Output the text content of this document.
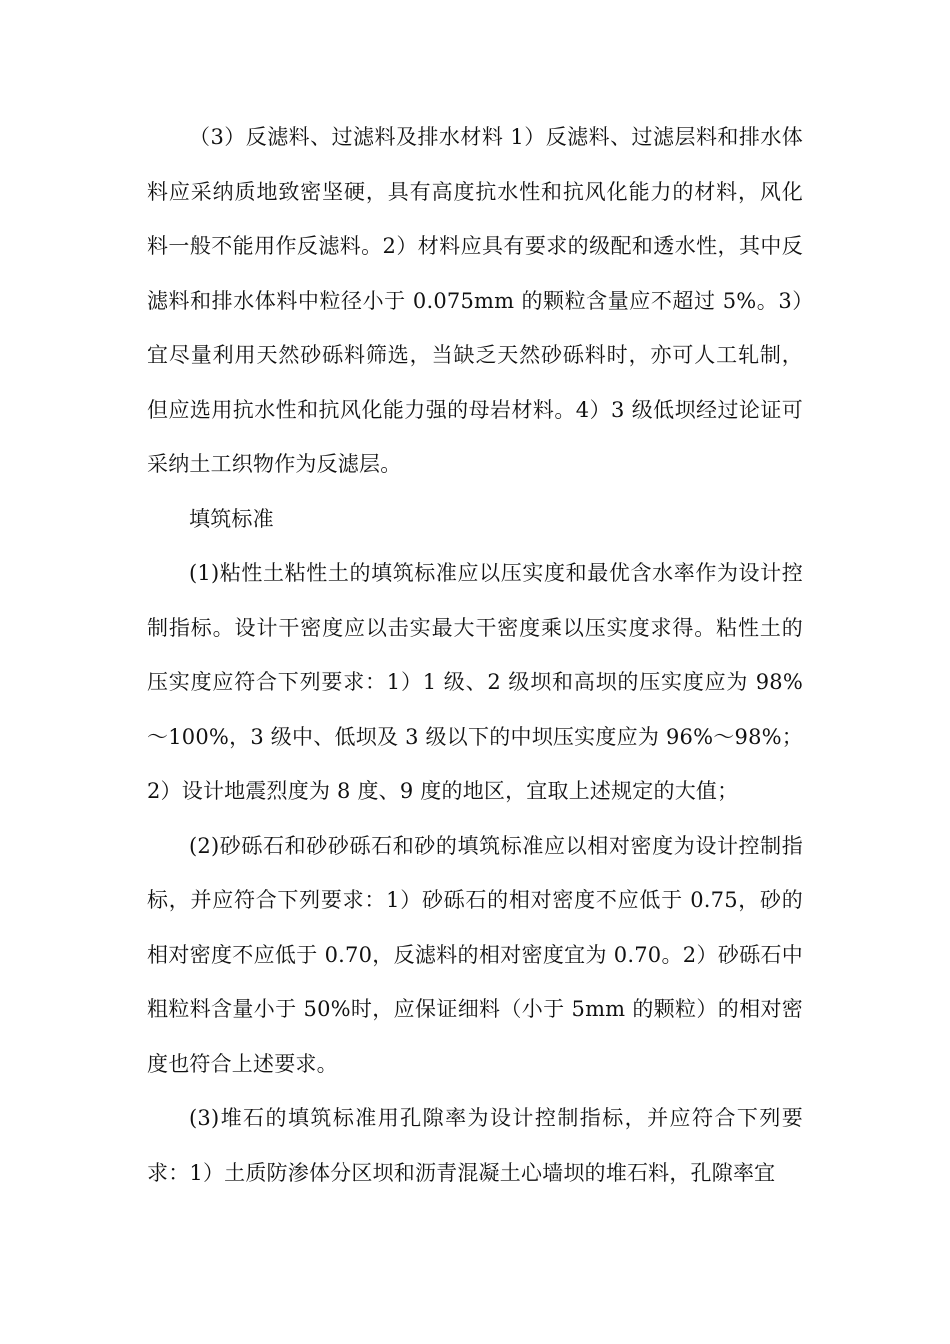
（3）反滤料、过滤料及排水材料 1）反滤料、过滤层料和排水体料应采纳质地致密坚硬，具有高度抗水性和抗风化能力的材料，风化料一般不能用作反滤料。2）材料应具有要求的级配和透水性，其中反滤料和排水体料中粒径小于 0.075mm 的颗粒含量应不超过 5%。3）宜尽量利用天然砂砾料筛选，当缺乏天然砂砾料时，亦可人工轧制，但应选用抗水性和抗风化能力强的母岩材料。4）3 级低坝经过论证可采纳土工织物作为反滤层。

填筑标准

(1)粘性土粘性土的填筑标准应以压实度和最优含水率作为设计控制指标。设计干密度应以击实最大干密度乘以压实度求得。粘性土的压实度应符合下列要求：1）1 级、2 级坝和高坝的压实度应为 98%～100%，3 级中、低坝及 3 级以下的中坝压实度应为 96%～98%；2）设计地震烈度为 8 度、9 度的地区，宜取上述规定的大值；

(2)砂砾石和砂砂砾石和砂的填筑标准应以相对密度为设计控制指标，并应符合下列要求：1）砂砾石的相对密度不应低于 0.75，砂的相对密度不应低于 0.70，反滤料的相对密度宜为 0.70。2）砂砾石中粗粒料含量小于 50%时，应保证细料（小于 5mm 的颗粒）的相对密度也符合上述要求。

(3)堆石的填筑标准用孔隙率为设计控制指标，并应符合下列要求：1）土质防渗体分区坝和沥青混凝土心墙坝的堆石料，孔隙率宜
